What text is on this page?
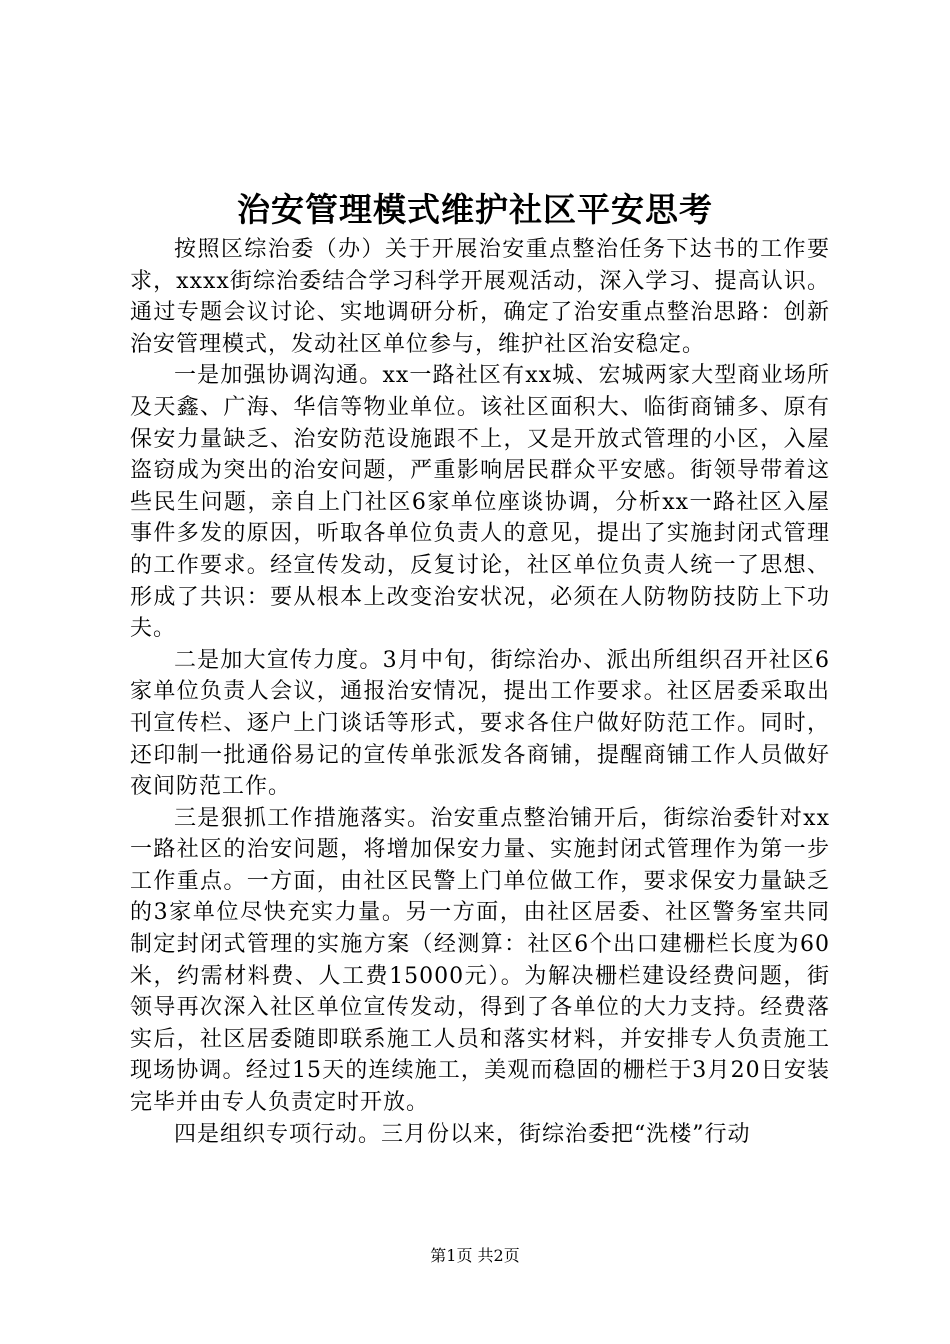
治安管理模式维护社区平安思考

按照区综治委（办）关于开展治安重点整治任务下达书的工作要求，xxxx街综治委结合学习科学开展观活动，深入学习、提高认识。通过专题会议讨论、实地调研分析，确定了治安重点整治思路：创新治安管理模式，发动社区单位参与，维护社区治安稳定。

一是加强协调沟通。xx一路社区有xx城、宏城两家大型商业场所及天鑫、广海、华信等物业单位。该社区面积大、临街商铺多、原有保安力量缺乏、治安防范设施跟不上，又是开放式管理的小区，入屋盗窃成为突出的治安问题，严重影响居民群众平安感。街领导带着这些民生问题，亲自上门社区6家单位座谈协调，分析xx一路社区入屋事件多发的原因，听取各单位负责人的意见，提出了实施封闭式管理的工作要求。经宣传发动，反复讨论，社区单位负责人统一了思想、形成了共识：要从根本上改变治安状况，必须在人防物防技防上下功夫。

二是加大宣传力度。3月中旬，街综治办、派出所组织召开社区6家单位负责人会议，通报治安情况，提出工作要求。社区居委采取出刊宣传栏、逐户上门谈话等形式，要求各住户做好防范工作。同时，还印制一批通俗易记的宣传单张派发各商铺，提醒商铺工作人员做好夜间防范工作。

三是狠抓工作措施落实。治安重点整治铺开后，街综治委针对xx一路社区的治安问题，将增加保安力量、实施封闭式管理作为第一步工作重点。一方面，由社区民警上门单位做工作，要求保安力量缺乏的3家单位尽快充实力量。另一方面，由社区居委、社区警务室共同制定封闭式管理的实施方案（经测算：社区6个出口建栅栏长度为60米，约需材料费、人工费15000元）。为解决栅栏建设经费问题，街领导再次深入社区单位宣传发动，得到了各单位的大力支持。经费落实后，社区居委随即联系施工人员和落实材料，并安排专人负责施工现场协调。经过15天的连续施工，美观而稳固的栅栏于3月20日安装完毕并由专人负责定时开放。

四是组织专项行动。三月份以来，街综治委把“洗楼”行动

第1页 共2页
